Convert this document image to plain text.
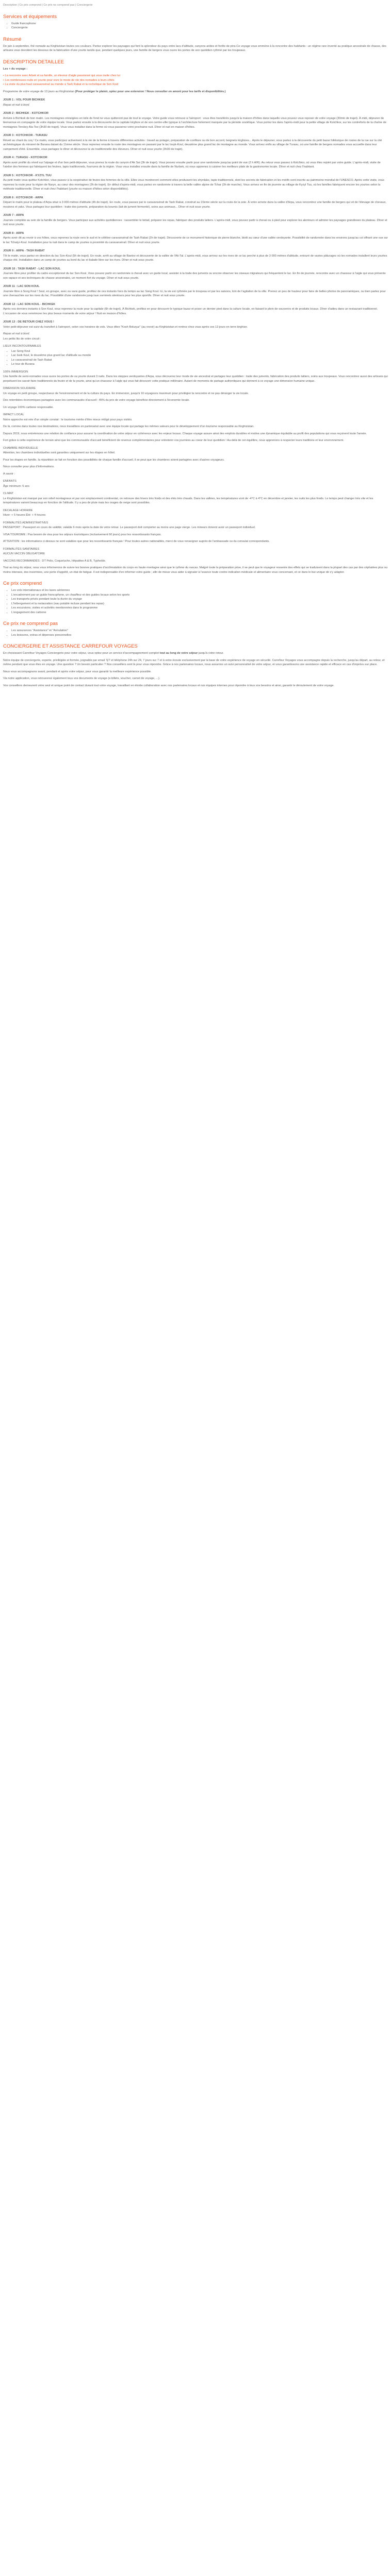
Description | Ce prix comprend | Ce prix ne comprend pas | Conciergerie
Services et équipements
• Guide francophone
• Conciergerie
Résumé

De juin à septembre, thé nomade au Kirghizistan toutes ces couleurs. Partez explorer les paysages qui font la splendeur du pays entre lacs d'altitude, canyons arides et forêts de pins.Ce voyage vous emmène à la rencontre des habitants : un régime rare inventé au pratique ancestrale de chasse, des artisans vous devoilent les dessous de la fabrication d'une yourte tandis que, pendant quelques jours, une famille de bergers vous ouvre les portes de son quotidien rythmé par les troupeaux.

DESCRIPTION DETAILLEE

Les + du voyage :

• La rencontre avec Arbek et sa famille, un éleveur d'aigle passionné qui vous invite chez lui
• Les nombreuses nuits en yourte pour vivre le mode de vie des nomades à leurs côtés
• La visite du plus haut caravansérail au monde à Tash Rabat et la rochelique de Son Kool

Programme de votre voyage de 13 jours au Kirghizistan (Pour protéger le plaisir, optez pour une extension ! Nous consulter en amont pour les tarifs et disponibilités.)

JOUR 1 : VOL POUR BICHKEK
Repas et nuit à bord.
JOUR 2 : BICHKEK - KOTCHKOR

Arrivée à Bichkek de bon matin. Les montagnes enneigées en toile de fond ne vous quitteront pas de tout le voyage. Votre guide vous retrouve à l'aéroport : vous êtes transférés jusqu'à la maison d'hôtes dans laquelle vous pouvez vous reposer de votre voyage (30min de trajet). À midi, déjeuner de bienvenue en compagnie de votre équipe locale. Vous partez ensuite à la découverte de la capitale kirghize et de son centre-ville typique à l'architecture fortement marquée par la période soviétique. Vous portez les dans l'après-midi pour la petite village de Kotchkor, sur les contreforts de la chaîne de montagnes Terskey Ala-Too (3h30 de trajet). Vous vous installez dans la ferme où vous passerez votre prochaine nuit. Dîner et nuit en maison d'hôtes.

JOUR 3 : KOTCHKOR - TURASU

Réveil au chant du coq ! Ce matin, vous participez activement à la vie de la ferme à travers différentes activités : travail au potager, préparation de confiture ou de bon accord, beignets kirghizes... Après le déjeuner, vous partez à la découverte du petit bazar folklorique de routes de la rue sur la cité archéologique du minaret de Burana datant du 11ème siècle. Vous reprenez ensuite la route des montagnes en passant par le lac Issyk-Koul, deuxième plus grand lac de montagne au monde. Vous arrivez enfin au village de Turasu, où une famille de bergers nomades vous accueille dans leur campement d'été. Ensemble, vous partagez le dîner et découvrez la vie traditionnelle des éleveurs. Dîner et nuit sous yourte (3h30 de trajet).

JOUR 4 : TURASU - KOTCHKOR

Après avoir profité du réveil sur l'alpage et d'un bon petit-déjeuner, vous prenez la route du canyon d'Ak Sai (3h de trajet). Vous pouvez ensuite partir pour une randonnée jusqu'au point de vue (2 h A/R). Au retour vous passez à Kotchkor, où vous êtes rejoint par votre guide. L'après-midi, visite de l'atelier des femmes qui fabriquent les feutres, tapis traditionnels, fourrures de la région. Vous vous installez ensuite dans la famille de Nurbek, où vous apprenez à cuisiner les meilleurs plats de la gastronomie locale. Dîner et nuit chez l'habitant.

JOUR 5 : KOTCHKOR - KYZYL TUU

Au petit matin vous quittez Kotchkor, vous passez à la coopérative de feutre des femmes de la ville. Elles vous montreront comment elles produisent les shyrdaks, tapis traditionnels, dont les secrets de fabrication et les motifs sont inscrits au patrimoine mondial de l'UNESCO. Après cette visite, vous reprenez la route pour la région de Naryn, au cœur des montagnes (3h de trajet). En début d'après-midi, vous partez en randonnée à travers la belle vallée alpine de Tchar (3h de marche). Vous arrivez en fin de journée au village de Kyzyl Tuu, où les familles fabriquent encore les yourtes selon la méthode traditionnelle. Dîner et nuit chez l'habitant (yourte ou maison d'hôtes selon disponibilités).

JOUR 6 : KOTCHKOR - ARPA

Départ le matin pour le plateau d'Arpa situé à 3 000 mètres d'altitude (4h de trajet). En route, vous passez par le caravansérail de Tash Rabat, construit au 15ème siècle sur la route de la soie. À votre arrivée dans la vallée d'Arpa, vous rencontrez une famille de bergers qui vit de l'élevage de chevaux, moutons et yaks. Vous partagez leur quotidien : traite des juments, préparation du koumis (lait de jument fermenté), soins aux animaux... Dîner et nuit sous yourte.

JOUR 7 : ARPA

Journée complète au sein de la famille de bergers. Vous participez aux activités quotidiennes : rassembler le bétail, préparer les repas, fabriquer des produits laitiers. L'après-midi, vous pouvez partir à cheval ou à pied pour explorer les alentours et admirer les paysages grandioses du plateau. Dîner et nuit sous yourte.

JOUR 8 : ARPA

Après avoir dit au revoir à vos hôtes, vous reprenez la route vers le sud et le célèbre caravansérail de Tash Rabat (2h de trajet). Découverte de ce monument historique de pierre blanche, blotti au cœur d'une vallée verdoyante. Possibilité de randonnée dans les environs jusqu'au col offrant une vue sur le lac Tchatyr-Koul. Installation pour la nuit dans le camp de yourtes à proximité du caravansérail. Dîner et nuit sous yourte.

JOUR 9 : ARPA - TASH RABAT

Tôt le matin, vous partez en direction du lac Son-Koul (5h de trajet). En route, arrêt au village de Baetov et découverte de la vallée de l'Ak-Tal. L'après-midi, vous arrivez sur les rives de ce lac perché à plus de 3 000 mètres d'altitude, entouré de vastes pâturages où les nomades installent leurs yourtes chaque été. Installation dans un camp de yourtes au bord du lac et balade libre sur les rives. Dîner et nuit sous yourte.

JOUR 10 : TASH RABAT - LAC SON KOUL

Journée libre pour profiter du cadre exceptionnel du lac Son-Koul. Vous pouvez partir en randonnée à cheval avec un guide local, assister à la traite des juments ou encore observer les oiseaux migrateurs qui fréquentent le lac. En fin de journée, rencontre avec un chasseur à l'aigle qui vous présente son rapace et ses techniques de chasse ancestrales, un moment fort du voyage. Dîner et nuit sous yourte.

JOUR 11 : LAC SON KOUL

Journée libre à Song Koul ! Seul, en groupe, avec ou sans guide, profitez de ces instants hors du temps au lac Song Koul. Ici, la vie est rythmée par le troupeau et par les saisons, loin de l'agitation de la ville. Prenez un peu de hauteur pour faire de belles photos de panoramiques, ou bien partez pour une chevauchée sur les rives du lac. Possibilité d'une randonnée jusqu'aux sommets alentours pour les plus sportifs. Dîner et nuit sous yourte.

JOUR 12 : LAC SON KOUL - BICHKEK

Après vos derniers instants à Son Koul, vous reprenez la route pour la capitale (6h de trajet). À Bichkek, profitez en pour découvrir le typique bazar et poser un dernier pied dans la culture locale, en faisant le plein de souvenirs et de produits locaux. Dîner d'adieu dans un restaurant traditionnel. L'occasion de vous remémorer les plus beaux moments de votre séjour ! Nuit en maison d'hôtes.

JOUR 13 : DE RETOUR CHEZ VOUS !

Votre petit-déjeuner est suivi du transfert à l'aéroport, selon vos horaires de vols. Vous dites "Kosh Boluŋuz" (au revoir) au Kirghizistan et rentrez chez vous après ces 13 jours en terre kirghize.

Repas et nuit à bord.

Les petits lits de votre circuit :

LIEUX INCONTOURNABLES
• Lac Song Koul
• Lac Issik Koul, le deuxième plus grand lac d'altitude au monde
• Le caravansérail de Tash Rabat
• Le tour de Burana
100% IMMERSION

Une famille de semi-nomades vous ouvre les portes de sa yourte durant 3 nuits. Dans les steppes verdoyantes d'Arpa, vous découvrez leur mode de vie ancestral et partagez leur quotidien : traite des juments, fabrication des produits laitiers, soins aux troupeaux. Vous rencontrez aussi des artisans qui perpétuent les savoir-faire traditionnels du feutre et de la yourte, ainsi qu'un chasseur à l'aigle qui vous fait découvrir cette pratique millénaire. Autant de moments de partage authentiques qui donnent à ce voyage une dimension humaine unique.

DIMENSION SOLIDAIRE

Un voyage en petit groupe, respectueux de l'environnement et de la culture du pays. En immersion, jusqu'à 10 voyageurs maximum pour privilégier la rencontre et ne pas déranger la vie locale.

Des retombées économiques partagées avec les communautés d'accueil : 45% du prix de votre voyage bénéficie directement à l'économie locale.

Un voyage 100% carbone responsable.

IMPACT LOCAL

Notre approche est née d'un simple constat : le tourisme mérite d'être mieux rédigé pour pays visités.

De là, comme dans toutes nos destinations, nous travaillons en partenariat avec une équipe locale qui partage les mêmes valeurs pour le développement d'un tourisme responsable au Kirghizistan.

Depuis 2019, nous entretenons une relation de confiance pour assurer la coordination de votre séjour en cohérence avec les enjeux locaux. Chaque voyage assure ainsi des emplois durables et motive une dynamique équitable au profit des populations qui vous reçoivent toute l'année.

Fort grâce à cette expérience de terrain ainsi que les communautés d'accueil bénéficient de revenus complémentaires pour entretenir vos journées au coeur de leur quotidien ! Au-delà de cet équilibre, nous apprenons à respecter leurs traditions et leur environnement.

CHAMBRE INDIVIDUELLE

Attention, les chambres individuelles sont garanties uniquement sur les étapes en hôtel.

Pour les étapes en famille, la répartition se fait en fonction des possibilités de chaque famille d'accueil, il se peut que les chambres soient partagées avec d'autres voyageurs.

Nous consulter pour plus d'informations.

A savoir :

ENFANTS

Âge minimum: 5 ans

CLIMAT

Le Kirghizistan est marqué par son relief montagneux et par son emplacement continental, on retrouve des hivers très froids et des étés très chauds. Dans les vallées, les températures vont de -4°C à 4°C en décembre et janvier, les nuits les plus froids. Le temps peut changer très vite et les températures varient beaucoup en fonction de l'altitude. Il y a peu de pluie mais les orages de neige sont possibles.

DECALAGE HORAIRE

Hiver: + 5 heures Été: + 4 heures

FORMALITÉS ADMINISTRATIVES

PASSEPORT : Passeport en cours de validité, valable 6 mois après la date de votre retour. Le passeport doit comporter au moins une page vierge. Les mineurs doivent avoir un passeport individuel.

VISA TOURISME : Pas besoin de visa pour les séjours touristiques (inclusivement 60 jours) pour les ressortissants français.

ATTENTION : les informations ci-dessus ne sont valables que pour les ressortissants français ! Pour toutes autres nationalités, merci de vous renseigner auprès de l'ambassade ou du consulat correspondants.

FORMALITÉS SANITAIRES

AUCUN VACCIN OBLIGATOIRE

VACCINS RECOMMANDÉS : DT Polio, Coqueluche, Hépatites A & B, Typhoïde.

Tout au long du séjour, nous vous informerons de suivre les bonnes pratiques d'acclimatation du corps en haute montagne ainsi que le rythme du rascas. Malgré toute la préparation prise, il se peut que le voyageur ressente des effets qui se traduisent dans la plupart des cas par des céphalées plus ou moins intenses, des insomnies, une perte d'appétit, un état de fatigue. Il est indispensable d'en informer votre guide ; afin de mieux vous aider à signaler à l'avance toute contre-indication médicale et alimentaire vous concernant, et ce dans le but unique de s'y adapter.

Ce prix comprend
• Les vols internationaux et les taxes aériennes
• L'encadrement par un guide francophone, un chauffeur et des guides locaux selon les sports
• Les transports privés pendant toute la durée du voyage
• L'hébergement et la restauration (eau potable incluse pendant les repas)
• Les excursions, visites et activités mentionnées dans le programme
• L'engagement des carbone
Ce prix ne comprend pas
• Les assurances "Assistance" et "Annulation"
• Les boissons, extras et dépenses personnelles
CONCIERGERIE ET ASSISTANCE CARREFOUR VOYAGES

En choisissant Carrefour Voyages Conciergerie pour votre séjour, vous optez pour un service d'accompagnement complet tout au long de votre séjour jusqu'à votre retour.

Notre équipe de conciergerie, experte, privilégiée et formée, joignable par email 7j/7 et téléphone 24h sur 24, 7 jours sur 7 et à votre écoute exclusivement par la base de votre expérience de voyage en sécurité. Carrefour Voyages vous accompagne depuis la recherche, jusqu'au départ, au retour, et même pendant que vous êtes en voyage. Une question ? Un besoin particulier ? Nos conseillers sont là pour vous répondre. Grâce à nos partenaires locaux, nous assurons un suivi personnalisé de votre séjour, et vous garantissons une assistance rapide et efficace en cas d'imprévu sur place.

Nous vous accompagnons avant, pendant et après votre séjour, pour vous garantir la meilleure expérience possible.

Via notre application, vous retrouverez également tous vos documents de voyage (e-billets, voucher, carnet de voyage, ...).

Vos conseillers demeurent votre seul et unique point de contact durant tout votre voyage, travaillant en étroite collaboration avec nos partenaires locaux et nos équipes internes pour répondre à tous vos besoins et ainsi, garantir le déroulement de votre voyage.
